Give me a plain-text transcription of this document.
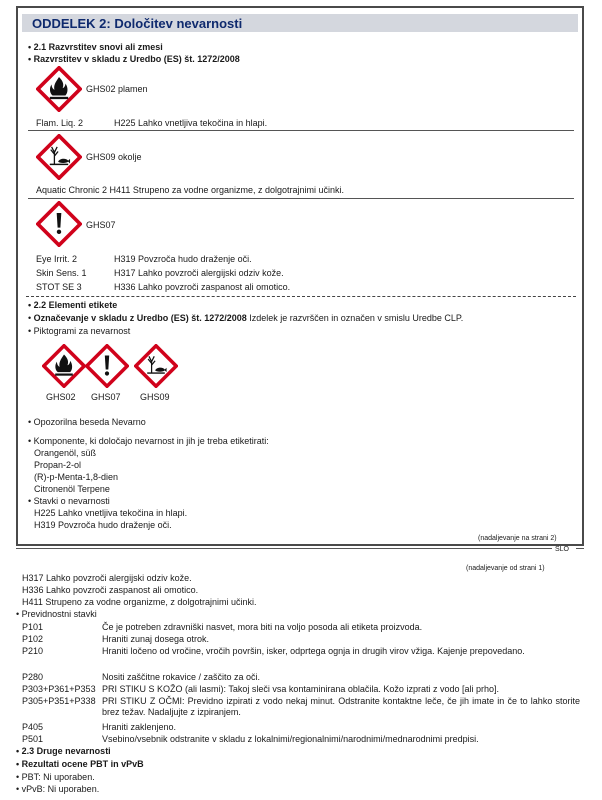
ODDELEK 2: Določitev nevarnosti
• 2.1 Razvrstitev snovi ali zmesi
• Razvrstitev v skladu z Uredbo (ES) št. 1272/2008
GHS02 plamen
Flam. Liq. 2	H225 Lahko vnetljiva tekočina in hlapi.
GHS09 okolje
Aquatic Chronic 2 H411 Strupeno za vodne organizme, z dolgotrajnimi učinki.
GHS07
Eye Irrit. 2	H319 Povzroča hudo draženje oči.
Skin Sens. 1	H317 Lahko povzroči alergijski odziv kože.
STOT SE 3	H336 Lahko povzroči zaspanost ali omotico.
• 2.2 Elementi etikete
• Označevanje v skladu z Uredbo (ES) št. 1272/2008 Izdelek je razvrščen in označen v smislu Uredbe CLP.
• Piktogrami za nevarnost
GHS02 GHS07 GHS09
• Opozorilna beseda Nevarno
• Komponente, ki določajo nevarnost in jih je treba etiketirati:
Orangenöl, süß
Propan-2-ol
(R)-p-Menta-1,8-dien
Citronenöl Terpene
• Stavki o nevarnosti
H225 Lahko vnetljiva tekočina in hlapi.
H319 Povzroča hudo draženje oči.
(nadaljevanje na strani 2)
SLO
(nadaljevanje od strani 1)
H317 Lahko povzroči alergijski odziv kože.
H336 Lahko povzroči zaspanost ali omotico.
H411 Strupeno za vodne organizme, z dolgotrajnimi učinki.
• Previdnostni stavki
P101	Če je potreben zdravniški nasvet, mora biti na voljo posoda ali etiketa proizvoda.
P102	Hraniti zunaj dosega otrok.
P210	Hraniti ločeno od vročine, vročih površin, isker, odprtega ognja in drugih virov vžiga. Kajenje prepovedano.
P280	Nositi zaščitne rokavice / zaščito za oči.
P303+P361+P353 PRI STIKU S KOŽO (ali lasmi): Takoj sleči vsa kontaminirana oblačila. Kožo izprati z vodo [ali prho].
P305+P351+P338 PRI STIKU Z OČMI: Previdno izpirati z vodo nekaj minut. Odstranite kontaktne leče, če jih imate in če to lahko storite brez težav. Nadaljujte z izpiranjem.
P405	Hraniti zaklenjeno.
P501	Vsebino/vsebnik odstranite v skladu z lokalnimi/regionalnimi/narodnimi/mednarodnimi predpisi.
• 2.3 Druge nevarnosti
• Rezultati ocene PBT in vPvB
• PBT: Ni uporaben.
• vPvB: Ni uporaben.
